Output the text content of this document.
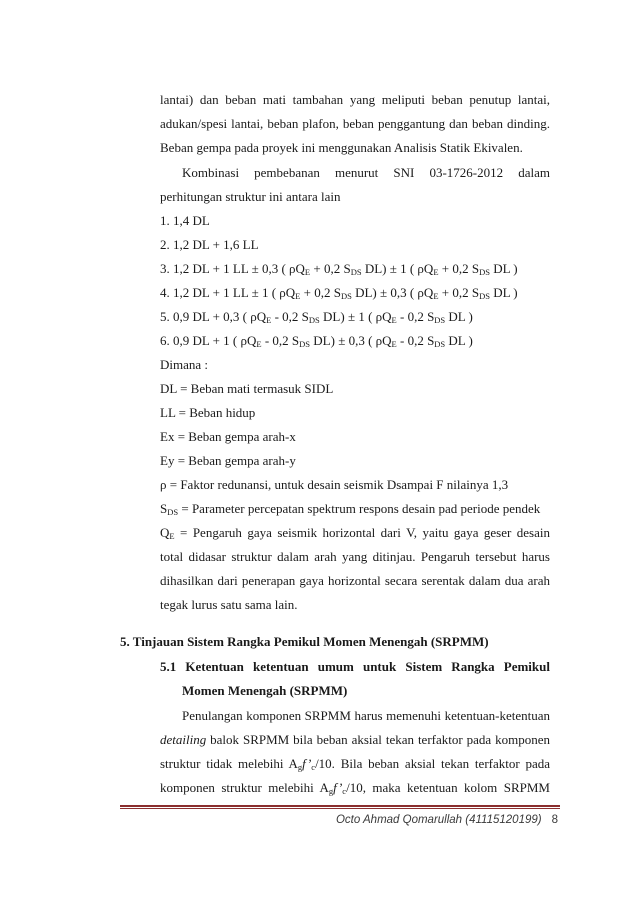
lantai) dan beban mati tambahan yang meliputi beban penutup lantai,
adukan/spesi lantai, beban plafon, beban penggantung dan beban dinding.
Beban gempa pada proyek ini menggunakan Analisis Statik Ekivalen.
Kombinasi pembebanan menurut SNI 03-1726-2012 dalam
perhitungan struktur ini antara lain
1. 1,4 DL
2. 1,2 DL + 1,6 LL
3. 1,2 DL + 1 LL ± 0,3 ( $\rho Q_E + 0,2$ $S_{DS}$ DL) ± 1 ( $\rho Q_E + 0,2$ $S_{DS}$ DL )
4. 1,2 DL + 1 LL ± 1 ( $\rho Q_E + 0,2$ $S_{DS}$ DL) ± 0,3 ( $\rho Q_E + 0,2$ $S_{DS}$ DL )
5. 0,9 DL + 0,3 ( $\rho Q_E - 0,2$ $S_{DS}$ DL) ± 1 ( $\rho Q_E - 0,2$ $S_{DS}$ DL )
6. 0,9 DL + 1 ( $\rho Q_E - 0,2$ $S_{DS}$ DL) ± 0,3 ( $\rho Q_E - 0,2$ $S_{DS}$ DL )
Dimana :
DL = Beban mati termasuk SIDL
LL = Beban hidup
Ex = Beban gempa arah-x
Ey = Beban gempa arah-y
ρ = Faktor redunansi, untuk desain seismik Dsampai F nilainya 1,3
$S_{DS}$ = Parameter percepatan spektrum respons desain pad periode pendek
$Q_E$ = Pengaruh gaya seismik horizontal dari V, yaitu gaya geser desain
total didasar struktur dalam arah yang ditinjau. Pengaruh tersebut harus
dihasilkan dari penerapan gaya horizontal secara serentak dalam dua arah
tegak lurus satu sama lain.
5. Tinjauan Sistem Rangka Pemikul Momen Menengah (SRPMM)
5.1 Ketentuan ketentuan umum untuk Sistem Rangka Pemikul
Momen Menengah (SRPMM)
Penulangan komponen SRPMM harus memenuhi ketentuan-ketentuan
detailing balok SRPMM bila beban aksial tekan terfaktor pada komponen
struktur tidak melebihi $A_gf’_c/10$. Bila beban aksial tekan terfaktor pada
komponen struktur melebihi $A_gf’_c/10$, maka ketentuan kolom SRPMM
Octo Ahmad Qomarullah (41115120199) 8
